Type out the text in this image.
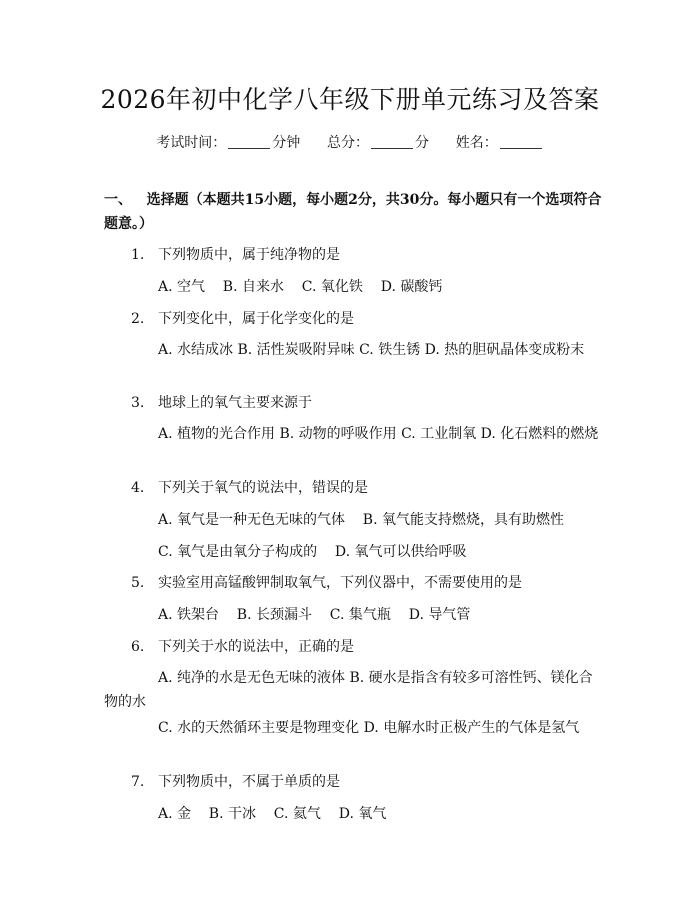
2026年初中化学八年级下册单元练习及答案
考试时间：	分钟 总分：	分 姓名：
一、 选择题（本题共15小题，每小题2分，共30分。每小题只有一个选项符合题意。）
1. 下列物质中，属于纯净物的是
A. 空气    B. 自来水    C. 氧化铁    D. 碳酸钙
2. 下列变化中，属于化学变化的是
A. 水结成冰 B. 活性炭吸附异味 C. 铁生锈 D. 热的胆矾晶体变成粉末
3. 地球上的氧气主要来源于
A. 植物的光合作用 B. 动物的呼吸作用 C. 工业制氧 D. 化石燃料的燃烧
4. 下列关于氧气的说法中，错误的是
A. 氧气是一种无色无味的气体    B. 氧气能支持燃烧，具有助燃性
C. 氧气是由氧分子构成的    D. 氧气可以供给呼吸
5. 实验室用高锰酸钾制取氧气，下列仪器中，不需要使用的是
A. 铁架台    B. 长颈漏斗    C. 集气瓶    D. 导气管
6. 下列关于水的说法中，正确的是
A. 纯净的水是无色无味的液体 B. 硬水是指含有较多可溶性钙、镁化合物的水
C. 水的天然循环主要是物理变化 D. 电解水时正极产生的气体是氢气
7. 下列物质中，不属于单质的是
A. 金    B. 干冰    C. 氦气    D. 氧气
